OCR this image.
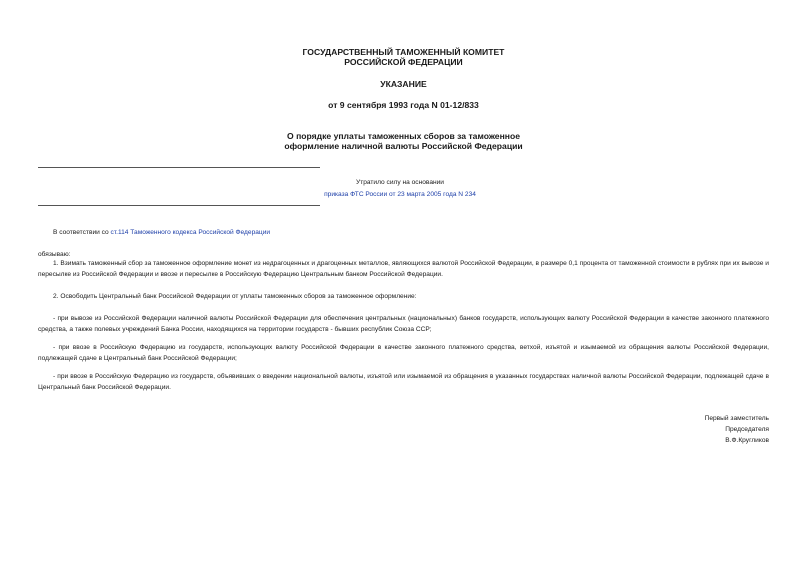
ГОСУДАРСТВЕННЫЙ ТАМОЖЕННЫЙ КОМИТЕТ
РОССИЙСКОЙ ФЕДЕРАЦИИ
УКАЗАНИЕ
от 9 сентября 1993 года N 01-12/833
О порядке уплаты таможенных сборов за таможенное
оформление наличной валюты Российской Федерации
Утратило силу на основании
приказа ФТС России от 23 марта 2005 года N 234
В соответствии со ст.114 Таможенного кодекса Российской Федерации
обязываю:
1. Взимать таможенный сбор за таможенное оформление монет из недрагоценных и драгоценных металлов, являющихся валютой Российской Федерации, в размере 0,1 процента от таможенной стоимости в рублях при их вывозе и пересылке из Российской Федерации и ввозе и пересылке в Российскую Федерацию Центральным банком Российской Федерации.
2. Освободить Центральный банк Российской Федерации от уплаты таможенных сборов за таможенное оформление:
- при вывозе из Российской Федерации наличной валюты Российской Федерации для обеспечения центральных (национальных) банков государств, использующих валюту Российской Федерации в качестве законного платежного средства, а также полевых учреждений Банка России, находящихся на территории государств - бывших республик Союза ССР;
- при ввозе в Российскую Федерацию из государств, использующих валюту Российской Федерации в качестве законного платежного средства, ветхой, изъятой и изымаемой из обращения валюты Российской Федерации, подлежащей сдаче в Центральный банк Российской Федерации;
- при ввозе в Российскую Федерацию из государств, объявивших о введении национальной валюты, изъятой или изымаемой из обращения в указанных государствах наличной валюты Российской Федерации, подлежащей сдаче в Центральный банк Российской Федерации.
Первый заместитель
Председателя
В.Ф.Кругликов
